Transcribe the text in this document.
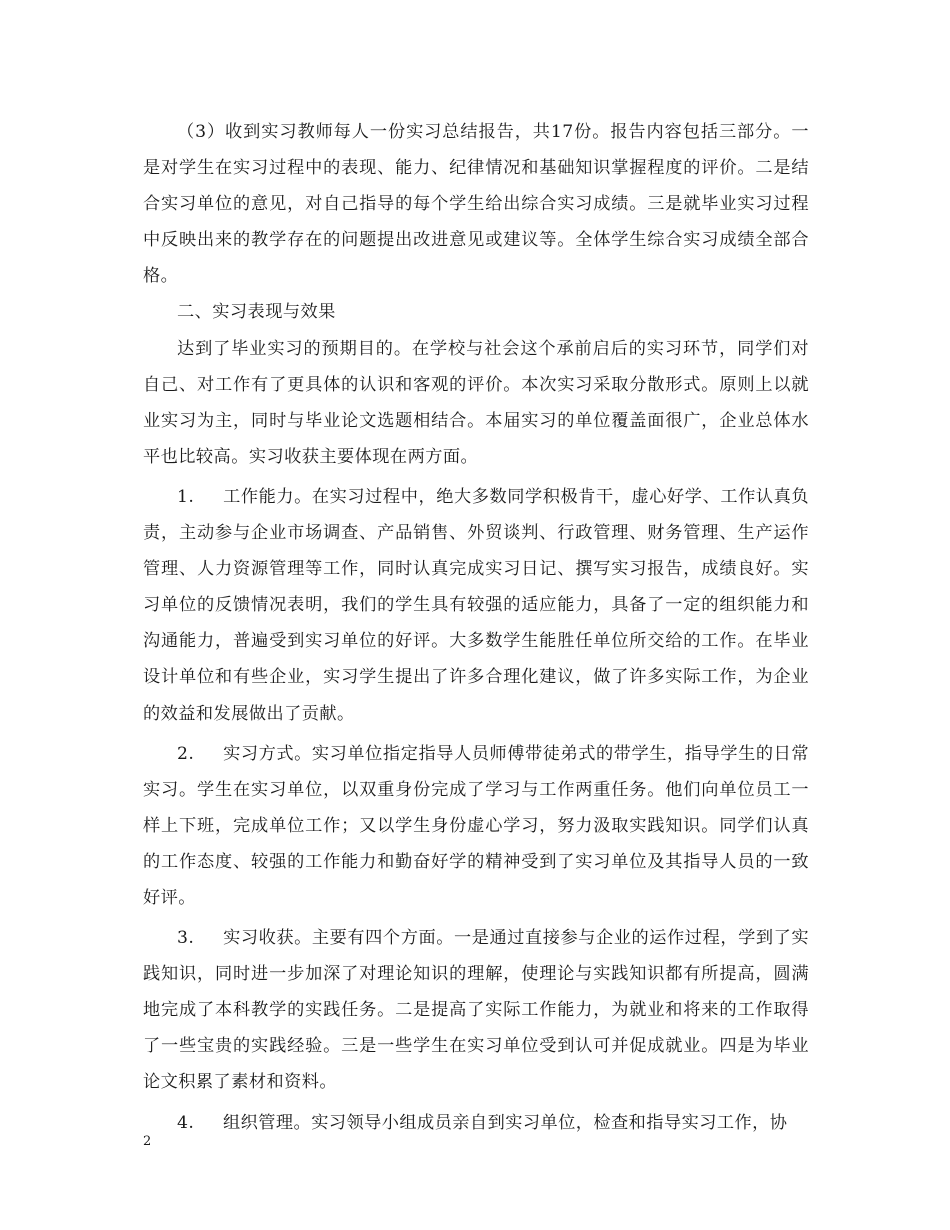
（3）收到实习教师每人一份实习总结报告，共17份。报告内容包括三部分。一是对学生在实习过程中的表现、能力、纪律情况和基础知识掌握程度的评价。二是结合实习单位的意见，对自己指导的每个学生给出综合实习成绩。三是就毕业实习过程中反映出来的教学存在的问题提出改进意见或建议等。全体学生综合实习成绩全部合格。

二、实习表现与效果

达到了毕业实习的预期目的。在学校与社会这个承前启后的实习环节，同学们对自己、对工作有了更具体的认识和客观的评价。本次实习采取分散形式。原则上以就业实习为主，同时与毕业论文选题相结合。本届实习的单位覆盖面很广，企业总体水平也比较高。实习收获主要体现在两方面。

1. 工作能力。在实习过程中，绝大多数同学积极肯干，虚心好学、工作认真负责，主动参与企业市场调查、产品销售、外贸谈判、行政管理、财务管理、生产运作管理、人力资源管理等工作，同时认真完成实习日记、撰写实习报告，成绩良好。实习单位的反馈情况表明，我们的学生具有较强的适应能力，具备了一定的组织能力和沟通能力，普遍受到实习单位的好评。大多数学生能胜任单位所交给的工作。在毕业设计单位和有些企业，实习学生提出了许多合理化建议，做了许多实际工作，为企业的效益和发展做出了贡献。

2. 实习方式。实习单位指定指导人员师傅带徒弟式的带学生，指导学生的日常实习。学生在实习单位，以双重身份完成了学习与工作两重任务。他们向单位员工一样上下班，完成单位工作；又以学生身份虚心学习，努力汲取实践知识。同学们认真的工作态度、较强的工作能力和勤奋好学的精神受到了实习单位及其指导人员的一致好评。

3. 实习收获。主要有四个方面。一是通过直接参与企业的运作过程，学到了实践知识，同时进一步加深了对理论知识的理解，使理论与实践知识都有所提高，圆满地完成了本科教学的实践任务。二是提高了实际工作能力，为就业和将来的工作取得了一些宝贵的实践经验。三是一些学生在实习单位受到认可并促成就业。四是为毕业论文积累了素材和资料。

4. 组织管理。实习领导小组成员亲自到实习单位，检查和指导实习工作，协

2
